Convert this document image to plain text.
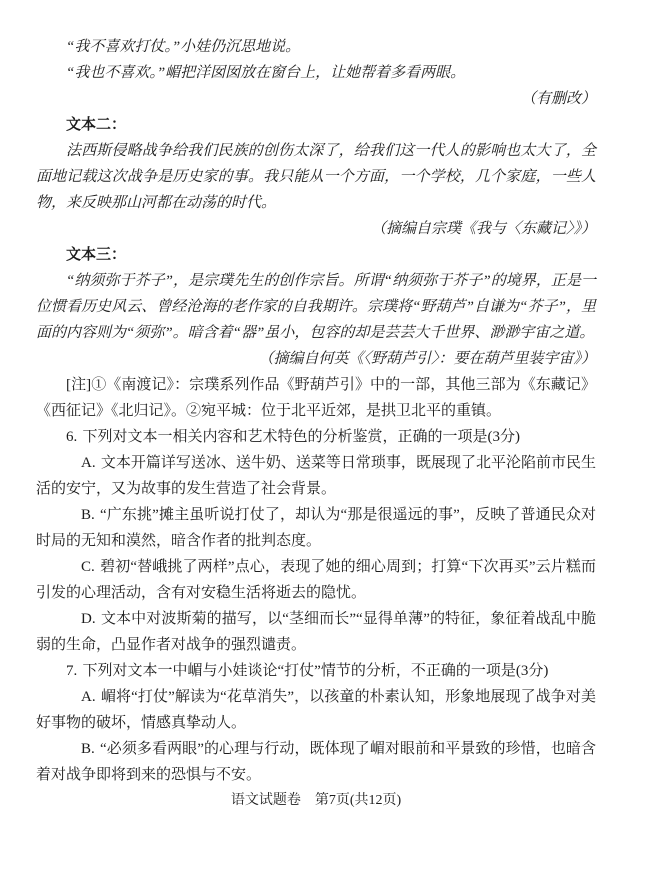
“我不喜欢打仗。”小娃仍沉思地说。

“我也不喜欢。”嵋把洋囡囡放在窗台上，让她帮着多看两眼。

（有删改）

文本二：

法西斯侵略战争给我们民族的创伤太深了，给我们这一代人的影响也太大了，全面地记载这次战争是历史家的事。我只能从一个方面，一个学校，几个家庭，一些人物，来反映那山河都在动荡的时代。

（摘编自宗璞《我与〈东藏记〉》）

文本三：

“纳须弥于芥子”，是宗璞先生的创作宗旨。所谓“纳须弥于芥子”的境界，正是一位惯看历史风云、曾经沧海的老作家的自我期许。宗璞将“野葫芦”自谦为“芥子”，里面的内容则为“须弥”。暗含着“器”虽小，包容的却是芸芸大千世界、渺渺宇宙之道。

（摘编自何英《〈野葫芦引〉：要在葫芦里装宇宙》）

[注]①《南渡记》：宗璞系列作品《野葫芦引》中的一部，其他三部为《东藏记》《西征记》《北归记》。②宛平城：位于北平近郊，是拱卫北平的重镇。

6. 下列对文本一相关内容和艺术特色的分析鉴赏，正确的一项是(3分)

A. 文本开篇详写送冰、送牛奶、送菜等日常琐事，既展现了北平沦陷前市民生活的安宁，又为故事的发生营造了社会背景。

B. “广东挑”摊主虽听说打仗了，却认为“那是很遥远的事”，反映了普通民众对时局的无知和漠然，暗含作者的批判态度。

C. 碧初“替峨挑了两样”点心，表现了她的细心周到；打算“下次再买”云片糕而引发的心理活动，含有对安稳生活将逝去的隐忧。

D. 文本中对波斯菊的描写，以“茎细而长”“显得单薄”的特征，象征着战乱中脆弱的生命，凸显作者对战争的强烈谴责。

7. 下列对文本一中嵋与小娃谈论“打仗”情节的分析，不正确的一项是(3分)

A. 嵋将“打仗”解读为“花草消失”，以孩童的朴素认知，形象地展现了战争对美好事物的破坏，情感真挚动人。

B. “必须多看两眼”的心理与行动，既体现了嵋对眼前和平景致的珍惜，也暗含着对战争即将到来的恐惧与不安。

语文试题卷　第7页(共12页)
